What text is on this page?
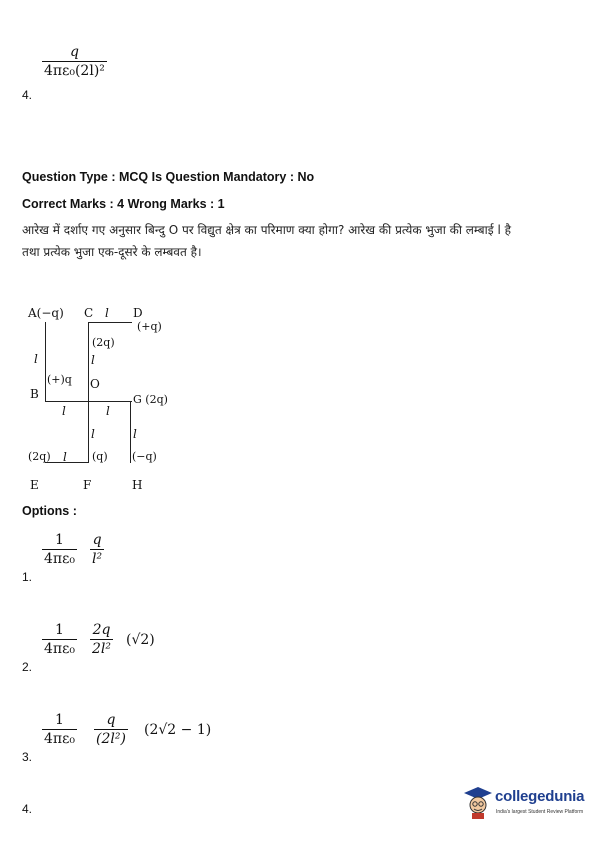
4.
$\frac{q}{\text{4πε₀(2l)²}}$
Question Type : MCQ Is Question Mandatory : No
Correct Marks : 4 Wrong Marks : 1
आरेख में दर्शाए गए अनुसार बिन्दु O पर विद्युत क्षेत्र का परिमाण क्या होगा? आरेख की प्रत्येक भुजा की लम्बाई l है
तथा प्रत्येक भुजा एक-दूसरे के लम्बवत है।
A(−q) C l D
(+q)
(2q)
l	l
(+)q O
B	G (2q)
l	l
l	l
(2q) l (q) (−q)
E	F	H
Options :
1.
$\frac{1}{\text{4πε₀}} \frac{q}{\text{l²}}$
2.
$\frac{1}{\text{4πε₀}} \frac{2q}{\text{2l²}} (√2)$
3.
$\frac{1}{\text{4πε₀}} \frac{q}{\text{(2l²)}} (2√2 - 1)$
4.
collegedunia
India's largest Student Review Platform
